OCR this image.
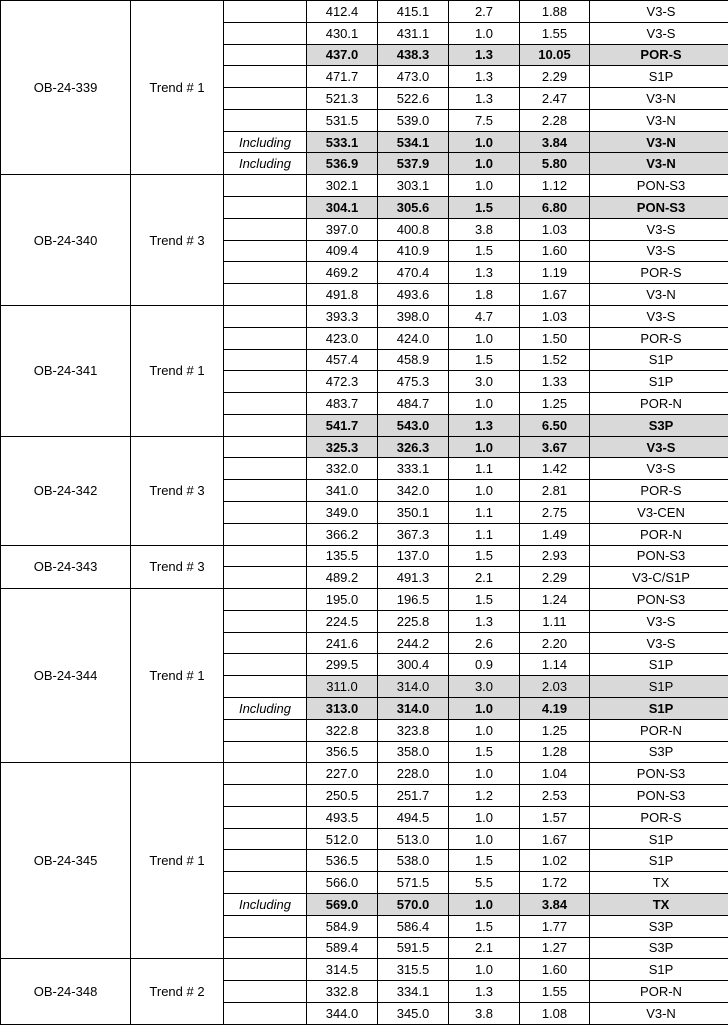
OB-24-339	Trend # 1		412.4	415.1	2.7	1.88	V3-S
			430.1	431.1	1.0	1.55	V3-S
			437.0	438.3	1.3	10.05	POR-S
			471.7	473.0	1.3	2.29	S1P
			521.3	522.6	1.3	2.47	V3-N
			531.5	539.0	7.5	2.28	V3-N
		Including	533.1	534.1	1.0	3.84	V3-N
		Including	536.9	537.9	1.0	5.80	V3-N
OB-24-340	Trend # 3		302.1	303.1	1.0	1.12	PON-S3
			304.1	305.6	1.5	6.80	PON-S3
			397.0	400.8	3.8	1.03	V3-S
			409.4	410.9	1.5	1.60	V3-S
			469.2	470.4	1.3	1.19	POR-S
			491.8	493.6	1.8	1.67	V3-N
OB-24-341	Trend # 1		393.3	398.0	4.7	1.03	V3-S
			423.0	424.0	1.0	1.50	POR-S
			457.4	458.9	1.5	1.52	S1P
			472.3	475.3	3.0	1.33	S1P
			483.7	484.7	1.0	1.25	POR-N
			541.7	543.0	1.3	6.50	S3P
OB-24-342	Trend # 3		325.3	326.3	1.0	3.67	V3-S
			332.0	333.1	1.1	1.42	V3-S
			341.0	342.0	1.0	2.81	POR-S
			349.0	350.1	1.1	2.75	V3-CEN
			366.2	367.3	1.1	1.49	POR-N
OB-24-343	Trend # 3		135.5	137.0	1.5	2.93	PON-S3
			489.2	491.3	2.1	2.29	V3-C/S1P
OB-24-344	Trend # 1		195.0	196.5	1.5	1.24	PON-S3
			224.5	225.8	1.3	1.11	V3-S
			241.6	244.2	2.6	2.20	V3-S
			299.5	300.4	0.9	1.14	S1P
			311.0	314.0	3.0	2.03	S1P
		Including	313.0	314.0	1.0	4.19	S1P
			322.8	323.8	1.0	1.25	POR-N
			356.5	358.0	1.5	1.28	S3P
OB-24-345	Trend # 1		227.0	228.0	1.0	1.04	PON-S3
			250.5	251.7	1.2	2.53	PON-S3
			493.5	494.5	1.0	1.57	POR-S
			512.0	513.0	1.0	1.67	S1P
			536.5	538.0	1.5	1.02	S1P
			566.0	571.5	5.5	1.72	TX
		Including	569.0	570.0	1.0	3.84	TX
			584.9	586.4	1.5	1.77	S3P
			589.4	591.5	2.1	1.27	S3P
OB-24-348	Trend # 2		314.5	315.5	1.0	1.60	S1P
			332.8	334.1	1.3	1.55	POR-N
			344.0	345.0	3.8	1.08	V3-N
